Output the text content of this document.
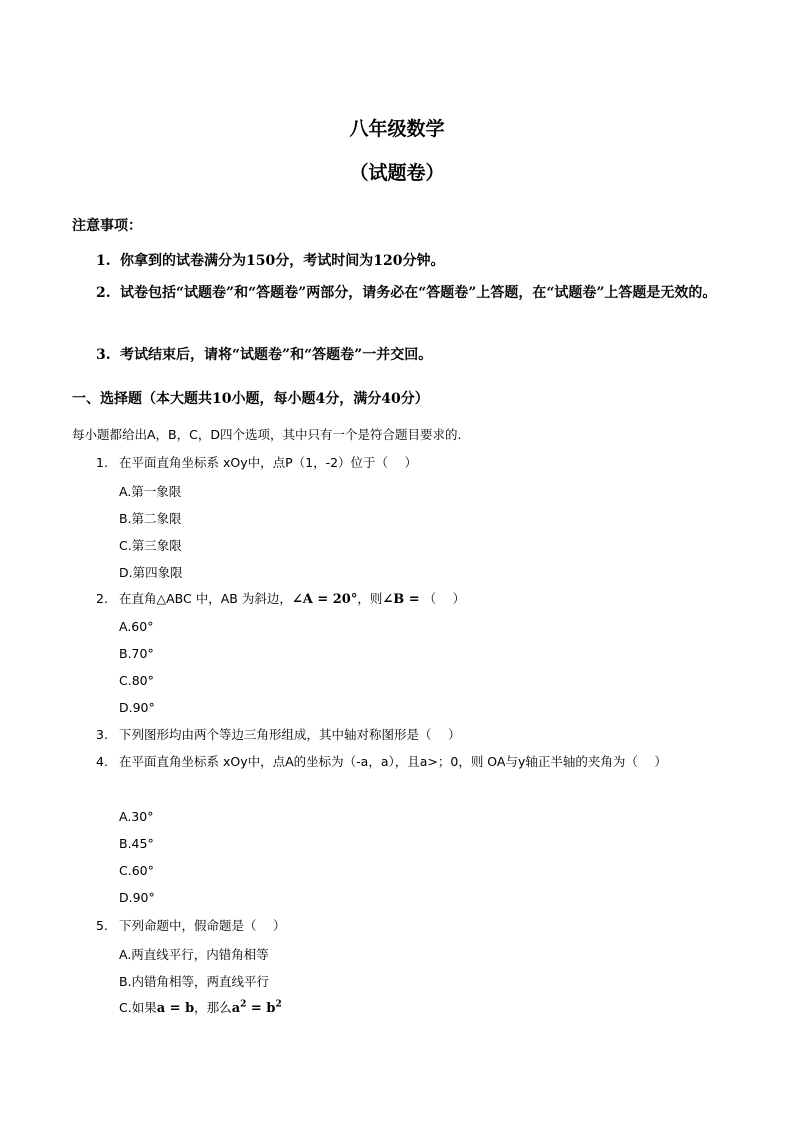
八年级数学
（试题卷）
注意事项：
1. 你拿到的试卷满分为150分，考试时间为120分钟。
2. 试卷包括“试题卷”和“答题卷”两部分，请务必在“答题卷”上答题，在“试题卷”上答题是无效的。
3. 考试结束后，请将“试题卷”和“答题卷”一并交回。
一、选择题（本大题共10小题，每小题4分，满分40分）
每小题都给出A，B，C，D四个选项，其中只有一个是符合题目要求的.
1. 在平面直角坐标系 xOy中，点P（1，-2）位于（　 ）
A.第一象限
B.第二象限
C.第三象限
D.第四象限
2. 在直角△ABC 中，AB 为斜边，∠A = 20°，则∠B = （　 ）
A.60°
B.70°
C.80°
D.90°
3. 下列图形均由两个等边三角形组成，其中轴对称图形是（　 ）
4. 在平面直角坐标系 xOy中，点A的坐标为（-a，a），且a>；0，则 OA与y轴正半轴的夹角为（　 ）
A.30°
B.45°
C.60°
D.90°
5. 下列命题中，假命题是（　 ）
A.两直线平行，内错角相等
B.内错角相等，两直线平行
C.如果a = b，那么$a^2 = b^2$
